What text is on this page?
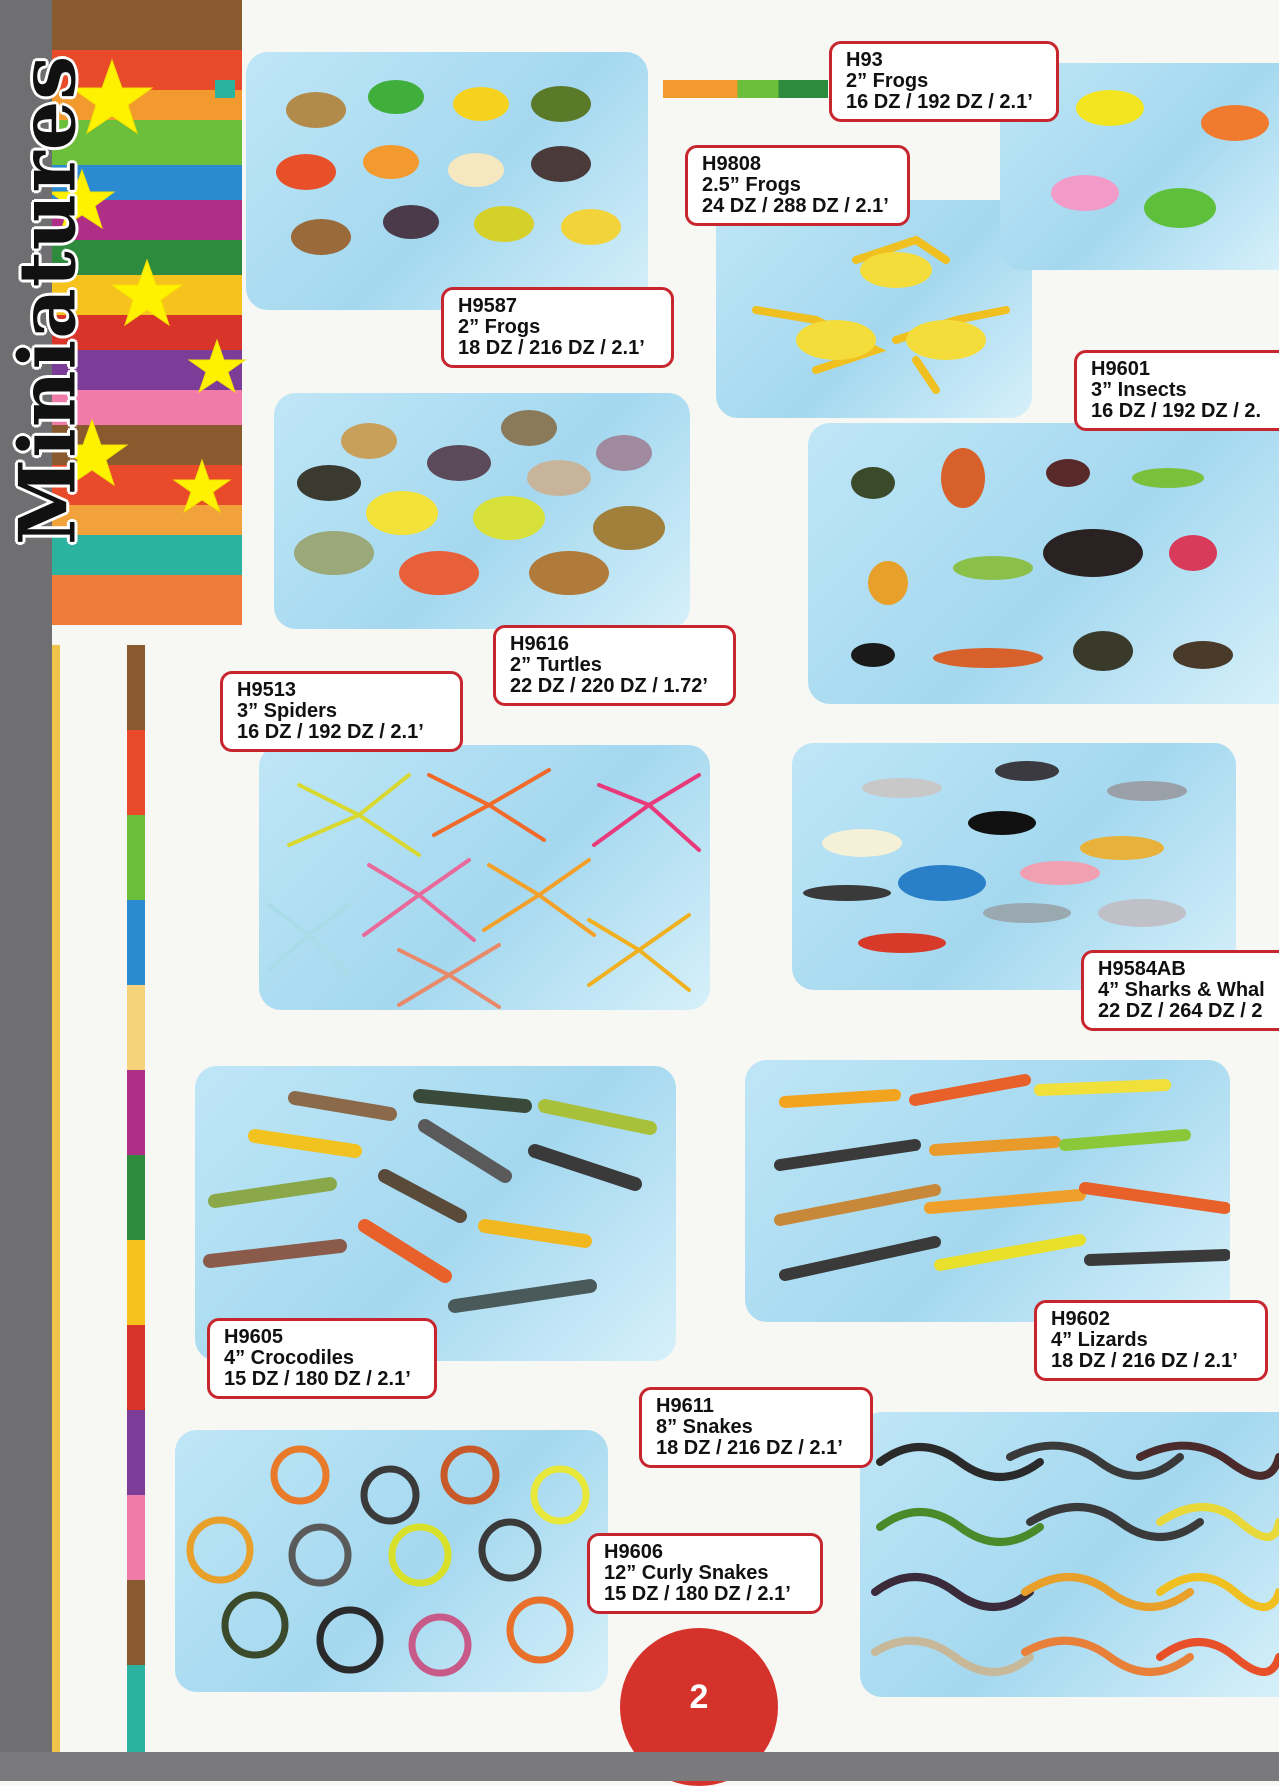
Miniatures	H93
2” Frogs
16 DZ / 192 DZ / 2.1’
H9808
2.5” Frogs
24 DZ / 288 DZ / 2.1’
H9587
2” Frogs
18 DZ / 216 DZ / 2.1’
H9601
3” Insects
16 DZ / 192 DZ / 2.
H9616
2” Turtles
22 DZ / 220 DZ / 1.72’
H9513
3” Spiders
16 DZ / 192 DZ / 2.1’
H9584AB
4” Sharks & Whal
22 DZ / 264 DZ / 2
H9605
4” Crocodiles
15 DZ / 180 DZ / 2.1’
H9602
4” Lizards
18 DZ / 216 DZ / 2.1’
H9611
8” Snakes
18 DZ / 216 DZ / 2.1’
H9606
12” Curly Snakes
15 DZ / 180 DZ / 2.1’
2
